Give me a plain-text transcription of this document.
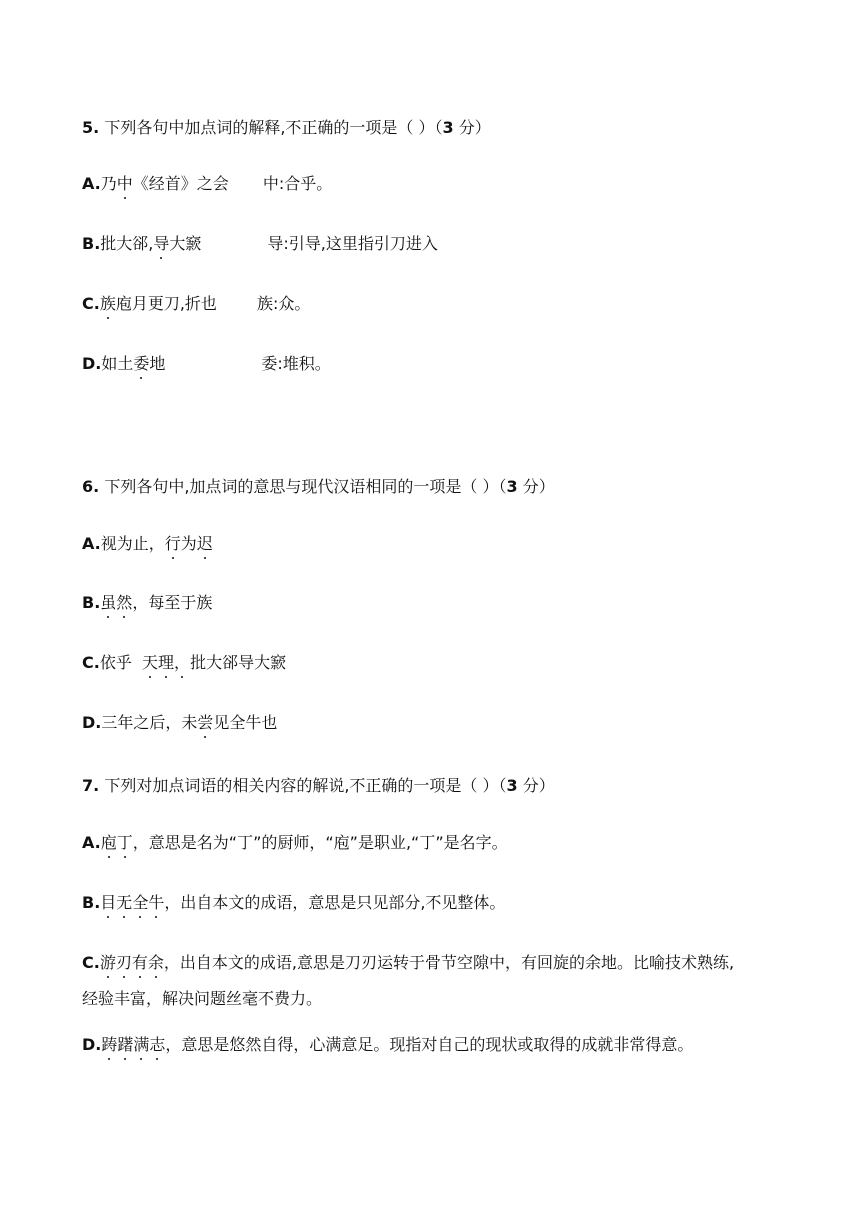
5. 下列各句中加点词的解释,不正确的一项是（ ）（3 分）
A.乃中《经首》之会 中:合乎。
B.批大郤,导大窾	导:引导,这里指引刀进入
C.族庖月更刀,折也	族:众。
D.如土委地	委:堆积。
6. 下列各句中,加点词的意思与现代汉语相同的一项是（ ）（3 分）
A.视为止，行为迟
B.虽然，每至于族
C.依乎  天理，批大郤导大窾
D.三年之后，未尝见全牛也
7. 下列对加点词语的相关内容的解说,不正确的一项是（ ）（3 分）
A.庖丁，意思是名为“丁”的厨师，“庖”是职业,“丁”是名字。
B.目无全牛，出自本文的成语，意思是只见部分,不见整体。
C.游刃有余，出自本文的成语,意思是刀刃运转于骨节空隙中，有回旋的余地。比喻技术熟练,
经验丰富，解决问题丝毫不费力。
D.踌躇满志，意思是悠然自得，心满意足。现指对自己的现状或取得的成就非常得意。
